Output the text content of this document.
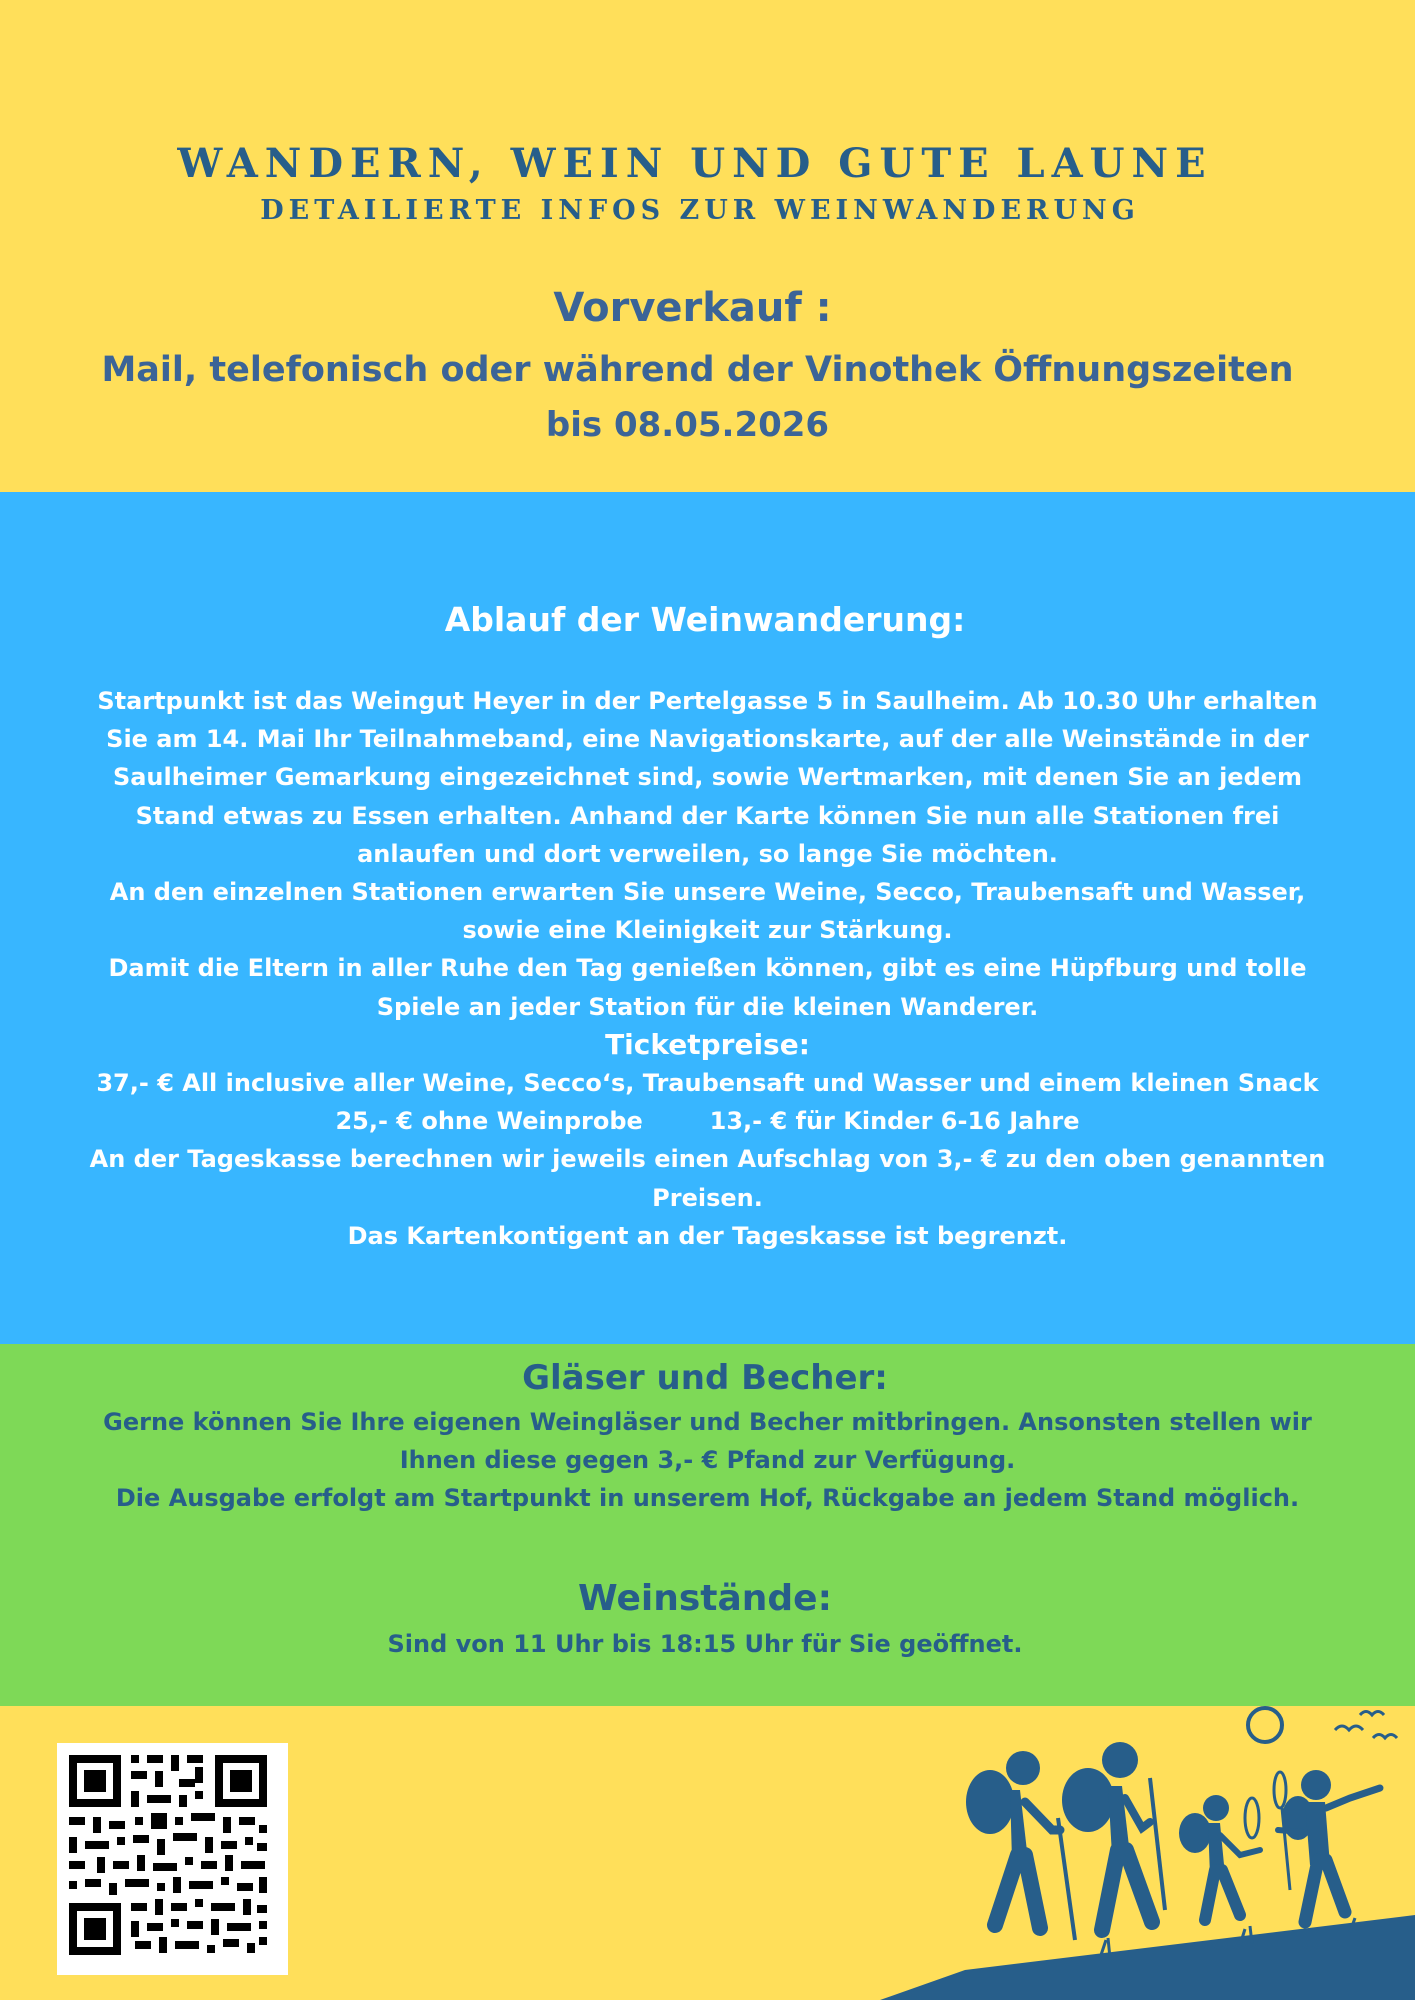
WANDERN, WEIN UND GUTE LAUNE
DETAILIERTE INFOS ZUR WEINWANDERUNG
Vorverkauf :
Mail, telefonisch oder während der Vinothek Öffnungszeiten
bis 08.05.2026
Ablauf der Weinwanderung:
Startpunkt ist das Weingut Heyer in der Pertelgasse 5 in Saulheim. Ab 10.30 Uhr erhalten
Sie am 14. Mai Ihr Teilnahmeband, eine Navigationskarte, auf der alle Weinstände in der
Saulheimer Gemarkung eingezeichnet sind, sowie Wertmarken, mit denen Sie an jedem
Stand etwas zu Essen erhalten. Anhand der Karte können Sie nun alle Stationen frei
anlaufen und dort verweilen, so lange Sie möchten.
An den einzelnen Stationen erwarten Sie unsere Weine, Secco, Traubensaft und Wasser,
sowie eine Kleinigkeit zur Stärkung.
Damit die Eltern in aller Ruhe den Tag genießen können, gibt es eine Hüpfburg und tolle
Spiele an jeder Station für die kleinen Wanderer.
Ticketpreise:
37,- € All inclusive aller Weine, Secco‘s, Traubensaft und Wasser und einem kleinen Snack
25,- € ohne Weinprobe        13,- € für Kinder 6-16 Jahre
An der Tageskasse berechnen wir jeweils einen Aufschlag von 3,- € zu den oben genannten
Preisen.
Das Kartenkontigent an der Tageskasse ist begrenzt.
Gläser und Becher:
Gerne können Sie Ihre eigenen Weingläser und Becher mitbringen. Ansonsten stellen wir
Ihnen diese gegen 3,- € Pfand zur Verfügung.
Die Ausgabe erfolgt am Startpunkt in unserem Hof, Rückgabe an jedem Stand möglich.
Weinstände:
Sind von 11 Uhr bis 18:15 Uhr für Sie geöffnet.
